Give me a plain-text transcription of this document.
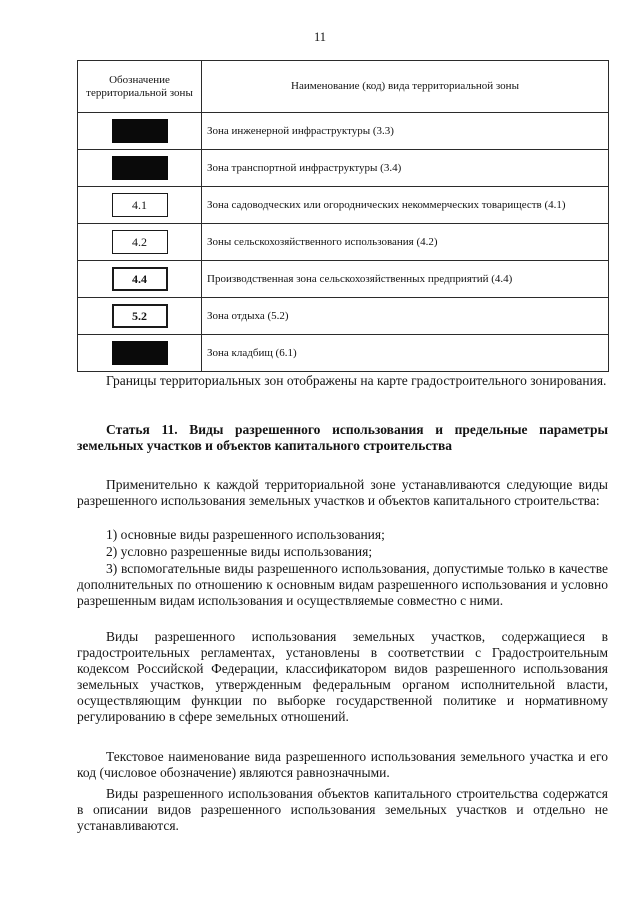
11
Обозначение территориальной зоны	Наименование (код) вида территориальной зоны
	Зона инженерной инфраструктуры (3.3)
	Зона транспортной инфраструктуры (3.4)
4.1	Зона садоводческих или огороднических некоммерческих товариществ (4.1)
4.2	Зоны сельскохозяйственного использования (4.2)
4.4	Производственная зона сельскохозяйственных предприятий (4.4)
5.2	Зона отдыха (5.2)
	Зона кладбищ (6.1)

Границы территориальных зон отображены на карте градостроительного зонирования.

Статья 11. Виды разрешенного использования и предельные параметры земельных участков и объектов капитального строительства

Применительно к каждой территориальной зоне устанавливаются следующие виды разрешенного использования земельных участков и объектов капитального строительства:

1) основные виды разрешенного использования;

2) условно разрешенные виды использования;

3) вспомогательные виды разрешенного использования, допустимые только в качестве дополнительных по отношению к основным видам разрешенного использования и условно разрешенным видам использования и осуществляемые совместно с ними.

Виды разрешенного использования земельных участков, содержащиеся в градостроительных регламентах, установлены в соответствии с Градостроительным кодексом Российской Федерации, классификатором видов разрешенного использования земельных участков, утвержденным федеральным органом исполнительной власти, осуществляющим функции по выборке государственной политике и нормативному регулированию в сфере земельных отношений.

Текстовое наименование вида разрешенного использования земельного участка и его код (числовое обозначение) являются равнозначными.

Виды разрешенного использования объектов капитального строительства содержатся в описании видов разрешенного использования земельных участков и отдельно не устанавливаются.
